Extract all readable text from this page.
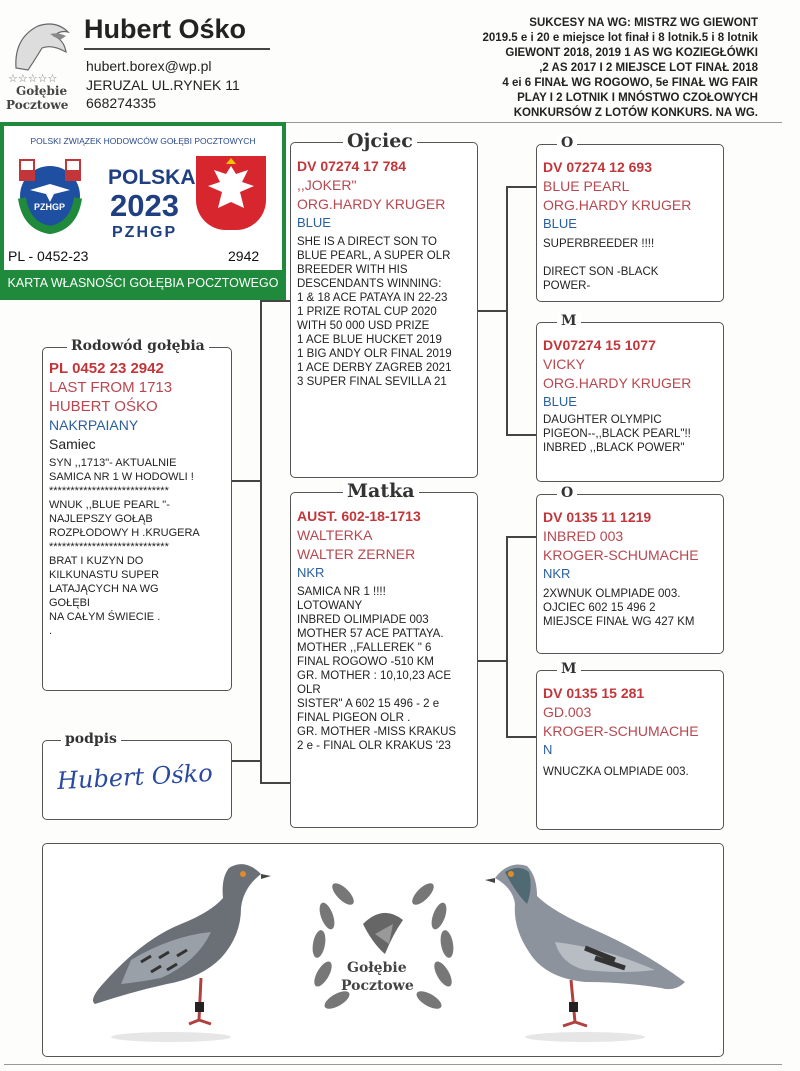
☆☆☆☆☆
Gołębie
Pocztowe
Hubert Ośko
hubert.borex@wp.pl
JERUZAL UL.RYNEK 11
668274335
SUKCESY NA WG: MISTRZ WG GIEWONT
2019.5 e i 20 e miejsce lot finał i 8 lotnik.5 i 8 lotnik
GIEWONT 2018, 2019 1 AS WG KOZIEGŁÓWKI
,2 AS 2017 I 2 MIEJSCE LOT FINAŁ 2018
4 ei 6 FINAŁ WG ROGOWO, 5e FINAŁ WG FAIR
PLAY I 2 LOTNIK I MNÓSTWO CZOŁOWYCH
KONKURSÓW Z LOTÓW KONKURS. NA WG.
POLSKI ZWIĄZEK HODOWCÓW GOŁĘBI POCZTOWYCH
PZHGP
POLSKA
2023
PZHGP
PL - 0452-23	2942
KARTA WŁASNOŚCI GOŁĘBIA POCZTOWEGO
Rodowód gołębia
PL 0452 23 2942
LAST FROM 1713
HUBERT OŚKO
NAKRPAIANY
Samiec
SYN ,,1713"- AKTUALNIE
SAMICA NR 1 W HODOWLI !
****************************
WNUK ,,BLUE PEARL "-
NAJLEPSZY GOŁĄB
ROZPŁODOWY H .KRUGERA
****************************
BRAT I KUZYN DO
KILKUNASTU SUPER
LATAJĄCYCH NA WG
GOŁĘBI
NA CAŁYM ŚWIECIE .
.
podpis
Hubert Ośko
Ojciec
DV 07274 17 784
,,JOKER"
ORG.HARDY KRUGER
BLUE
SHE IS A DIRECT SON TO
BLUE PEARL, A SUPER OLR
BREEDER WITH HIS
DESCENDANTS WINNING:
1 & 18 ACE PATAYA IN 22-23
1 PRIZE ROTAL CUP 2020
WITH 50 000 USD PRIZE
1 ACE BLUE HUCKET 2019
1 BIG ANDY OLR FINAL 2019
1 ACE DERBY ZAGREB 2021
3 SUPER FINAL SEVILLA 21
Matka
AUST. 602-18-1713
WALTERKA
WALTER ZERNER
NKR
SAMICA NR 1 !!!!
LOTOWANY
INBRED OLIMPIADE 003
MOTHER 57 ACE PATTAYA.
MOTHER ,,FALLEREK " 6
FINAL ROGOWO -510 KM
GR. MOTHER : 10,10,23 ACE
OLR
SISTER" A 602 15 496 - 2 e
FINAL PIGEON OLR .
GR. MOTHER -MISS KRAKUS
2 e - FINAL OLR KRAKUS '23
O
DV 07274 12 693
BLUE PEARL
ORG.HARDY KRUGER
BLUE
SUPERBREEDER !!!!

DIRECT SON -BLACK
POWER-
M
DV07274 15 1077
VICKY
ORG.HARDY KRUGER
BLUE
DAUGHTER OLYMPIC
PIGEON--,,BLACK PEARL"!!
INBRED ,,BLACK POWER"
O
DV 0135 11 1219
INBRED 003
KROGER-SCHUMACHE
NKR
2XWNUK OLMPIADE 003.
OJCIEC 602 15 496 2
MIEJSCE FINAŁ WG 427 KM
M
DV 0135 15 281
GD.003
KROGER-SCHUMACHE
N
WNUCZKA OLMPIADE 003.
Gołębie
Pocztowe
